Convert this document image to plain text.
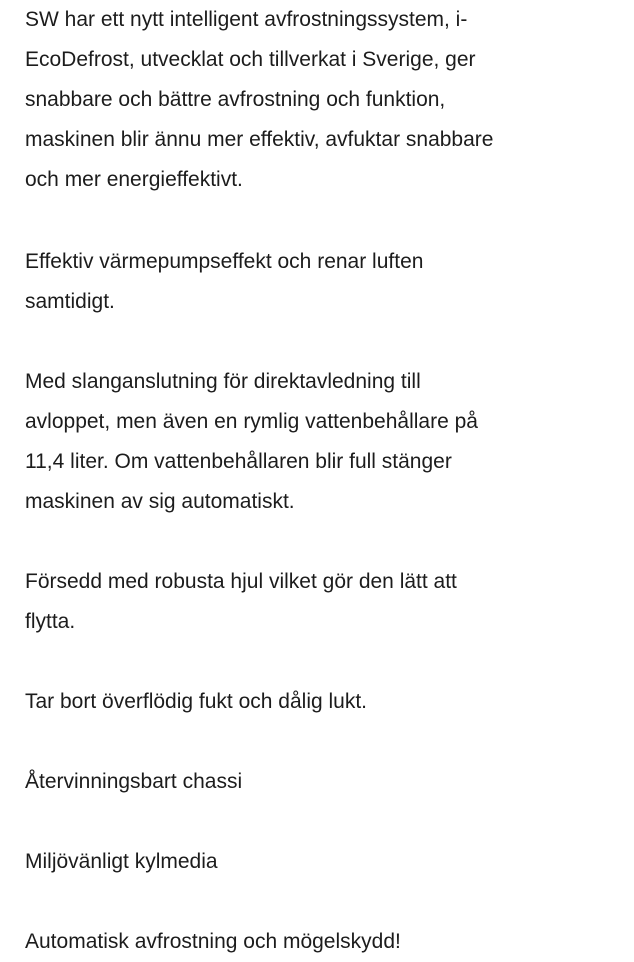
SW har ett nytt intelligent avfrostningssystem, i-
EcoDefrost, utvecklat och tillverkat i Sverige, ger
snabbare och bättre avfrostning och funktion,
maskinen blir ännu mer effektiv, avfuktar snabbare
och mer energieffektivt.

Effektiv värmepumpseffekt och renar luften
samtidigt.

Med slanganslutning för direktavledning till
avloppet, men även en rymlig vattenbehållare på
11,4 liter. Om vattenbehållaren blir full stänger
maskinen av sig automatiskt.

Försedd med robusta hjul vilket gör den lätt att
flytta.

Tar bort överflödig fukt och dålig lukt.

Återvinningsbart chassi

Miljövänligt kylmedia

Automatisk avfrostning och mögelskydd!
